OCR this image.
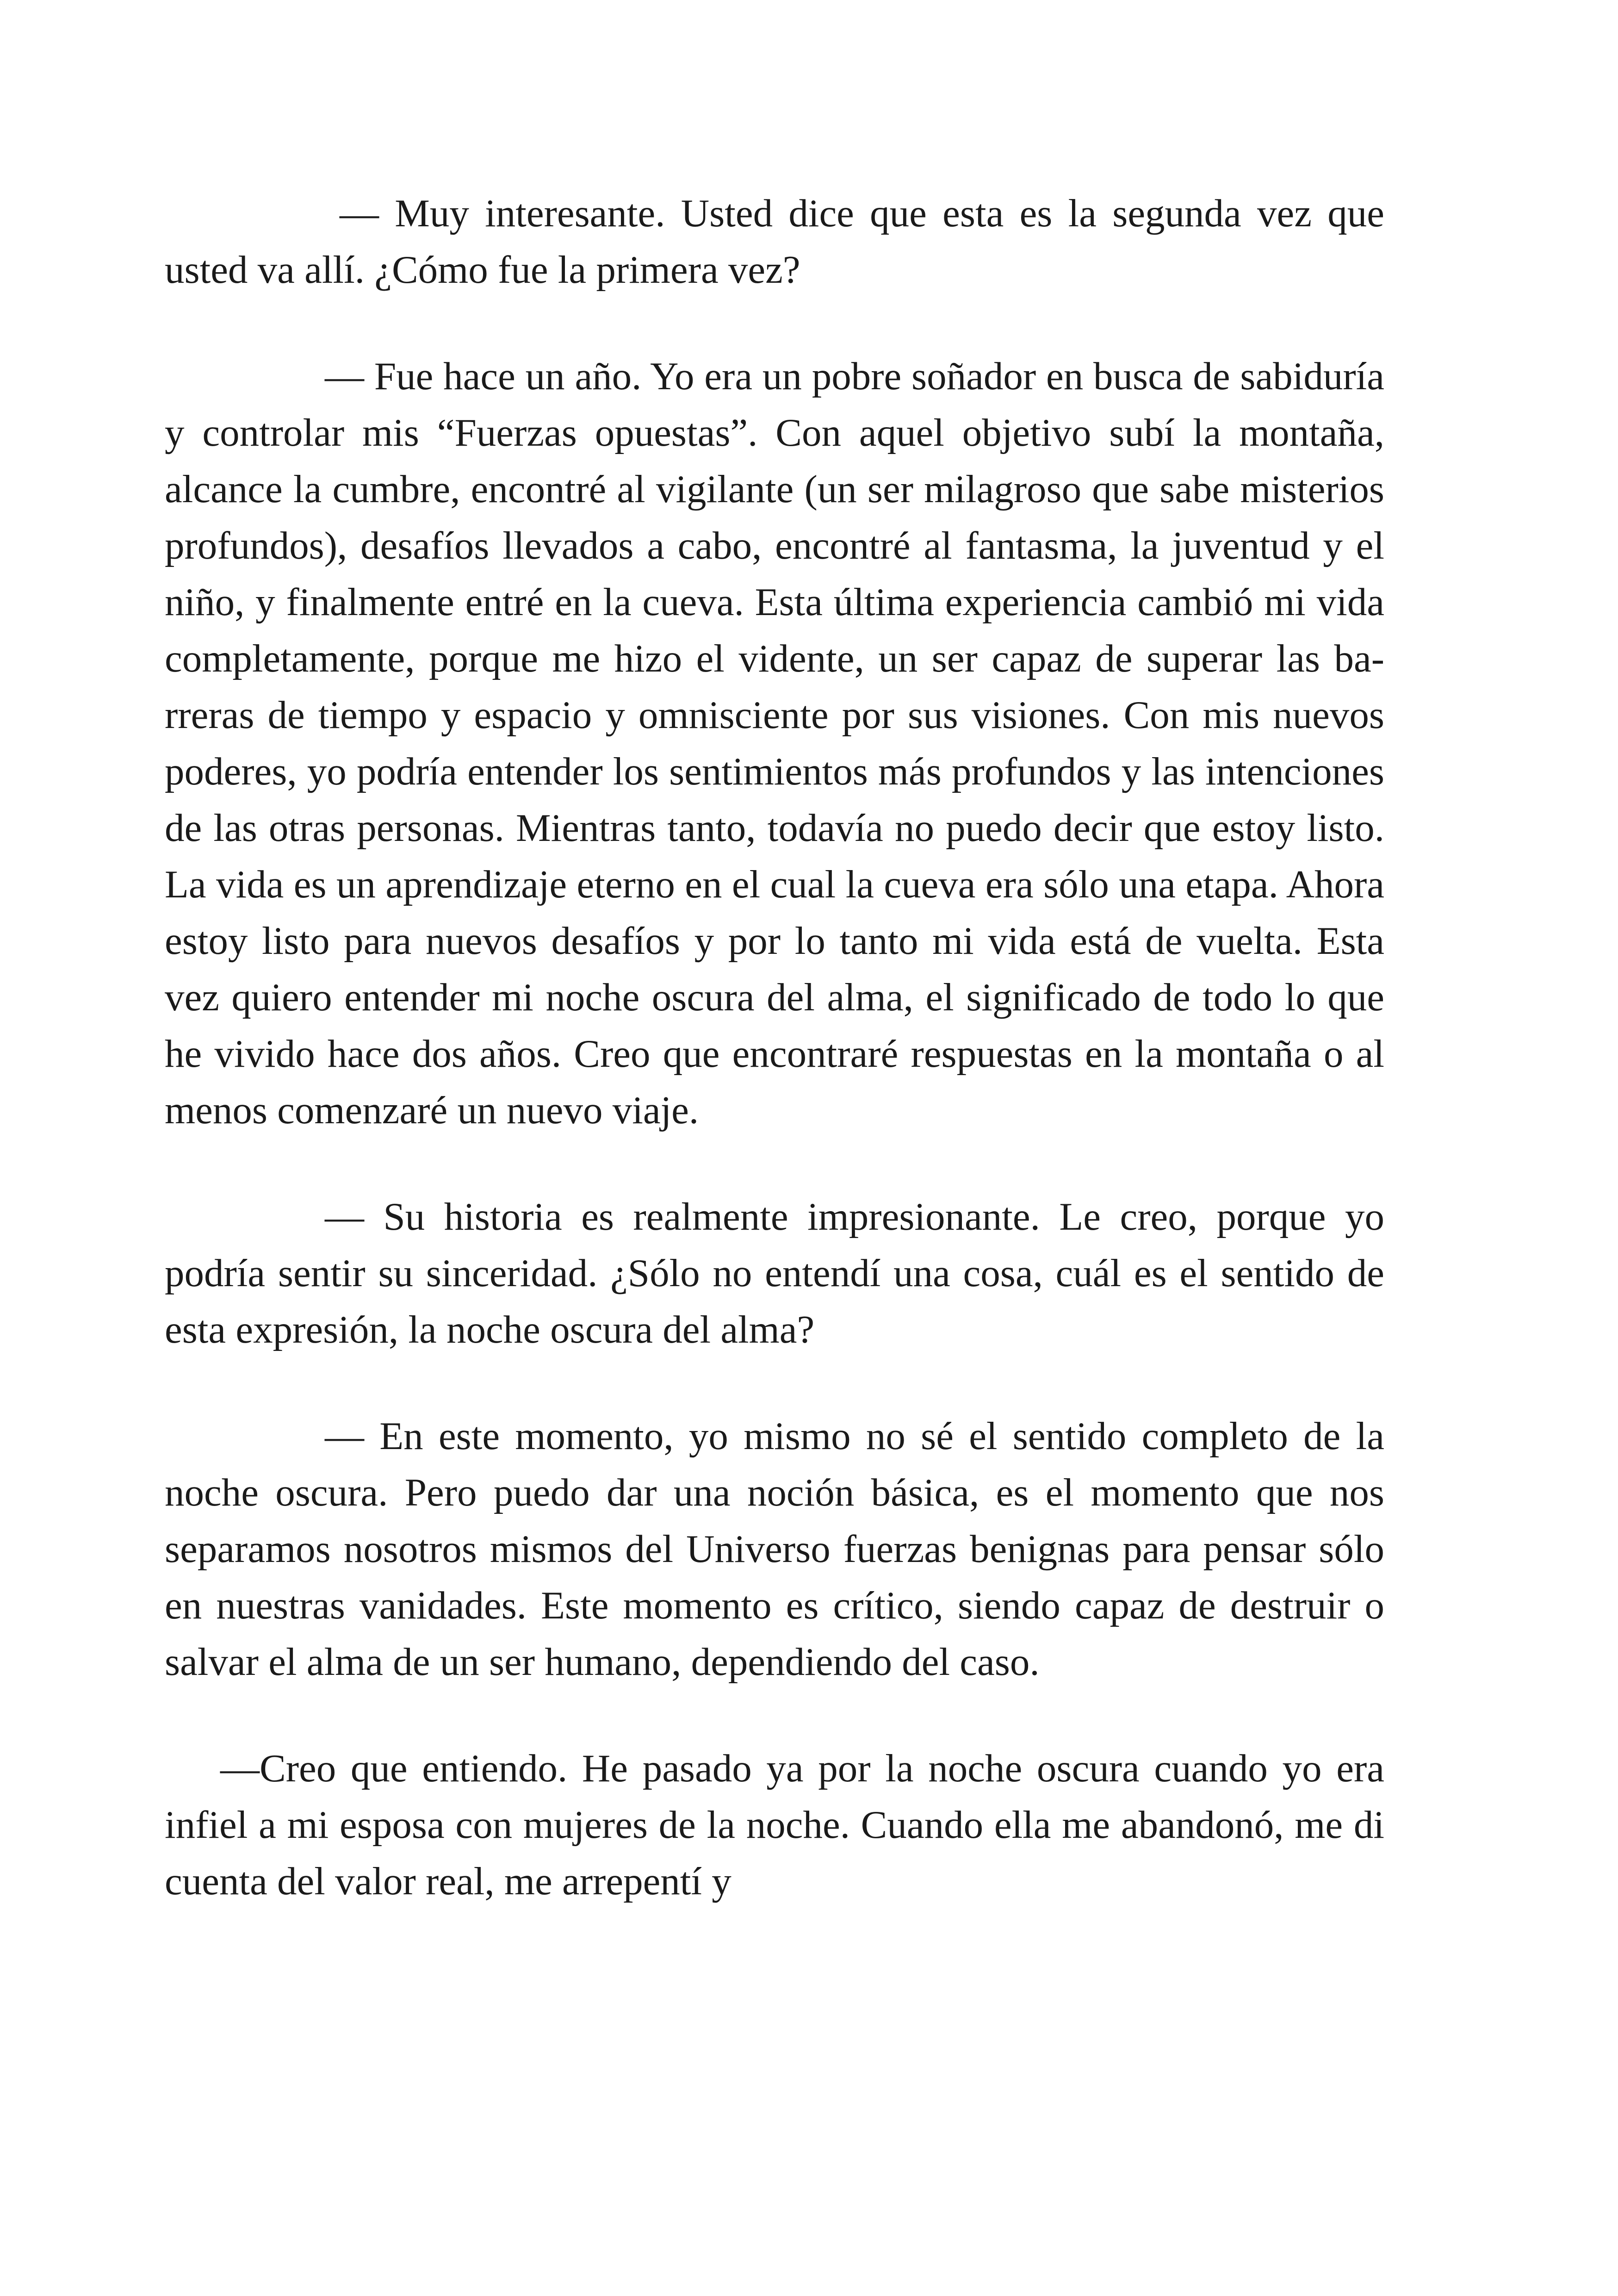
— Muy interesante. Usted dice que esta es la segunda vez que usted va allí. ¿Cómo fue la primera vez?

— Fue hace un año. Yo era un pobre soñador en busca de sabiduría y controlar mis “Fuerzas opuestas”. Con aquel objetivo subí la montaña, alcance la cumbre, encontré al vigilante (un ser milagroso que sabe misterios profundos), desafíos llevados a cabo, encontré al fantasma, la juventud y el niño, y finalmente entré en la cueva. Esta última experiencia cambió mi vida completamente, porque me hizo el vidente, un ser capaz de superar las barreras de tiempo y espacio y omnisciente por sus visiones. Con mis nuevos poderes, yo podría entender los sentimientos más profundos y las intenciones de las otras personas. Mientras tanto, todavía no puedo decir que estoy listo. La vida es un aprendizaje eterno en el cual la cueva era sólo una etapa. Ahora estoy listo para nuevos desafíos y por lo tanto mi vida está de vuelta. Esta vez quiero entender mi noche oscura del alma, el significado de todo lo que he vivido hace dos años. Creo que encontraré respuestas en la montaña o al menos comenzaré un nuevo viaje.

— Su historia es realmente impresionante. Le creo, porque yo podría sentir su sinceridad. ¿Sólo no entendí una cosa, cuál es el sentido de esta expresión, la noche oscura del alma?

— En este momento, yo mismo no sé el sentido completo de la noche oscura. Pero puedo dar una noción básica, es el momento que nos separamos nosotros mismos del Universo fuerzas benignas para pensar sólo en nuestras vanidades. Este momento es crítico, siendo capaz de destruir o salvar el alma de un ser humano, dependiendo del caso.

—Creo que entiendo. He pasado ya por la noche oscura cuando yo era infiel a mi esposa con mujeres de la noche. Cuando ella me abandonó, me di cuenta del valor real, me arrepentí y
